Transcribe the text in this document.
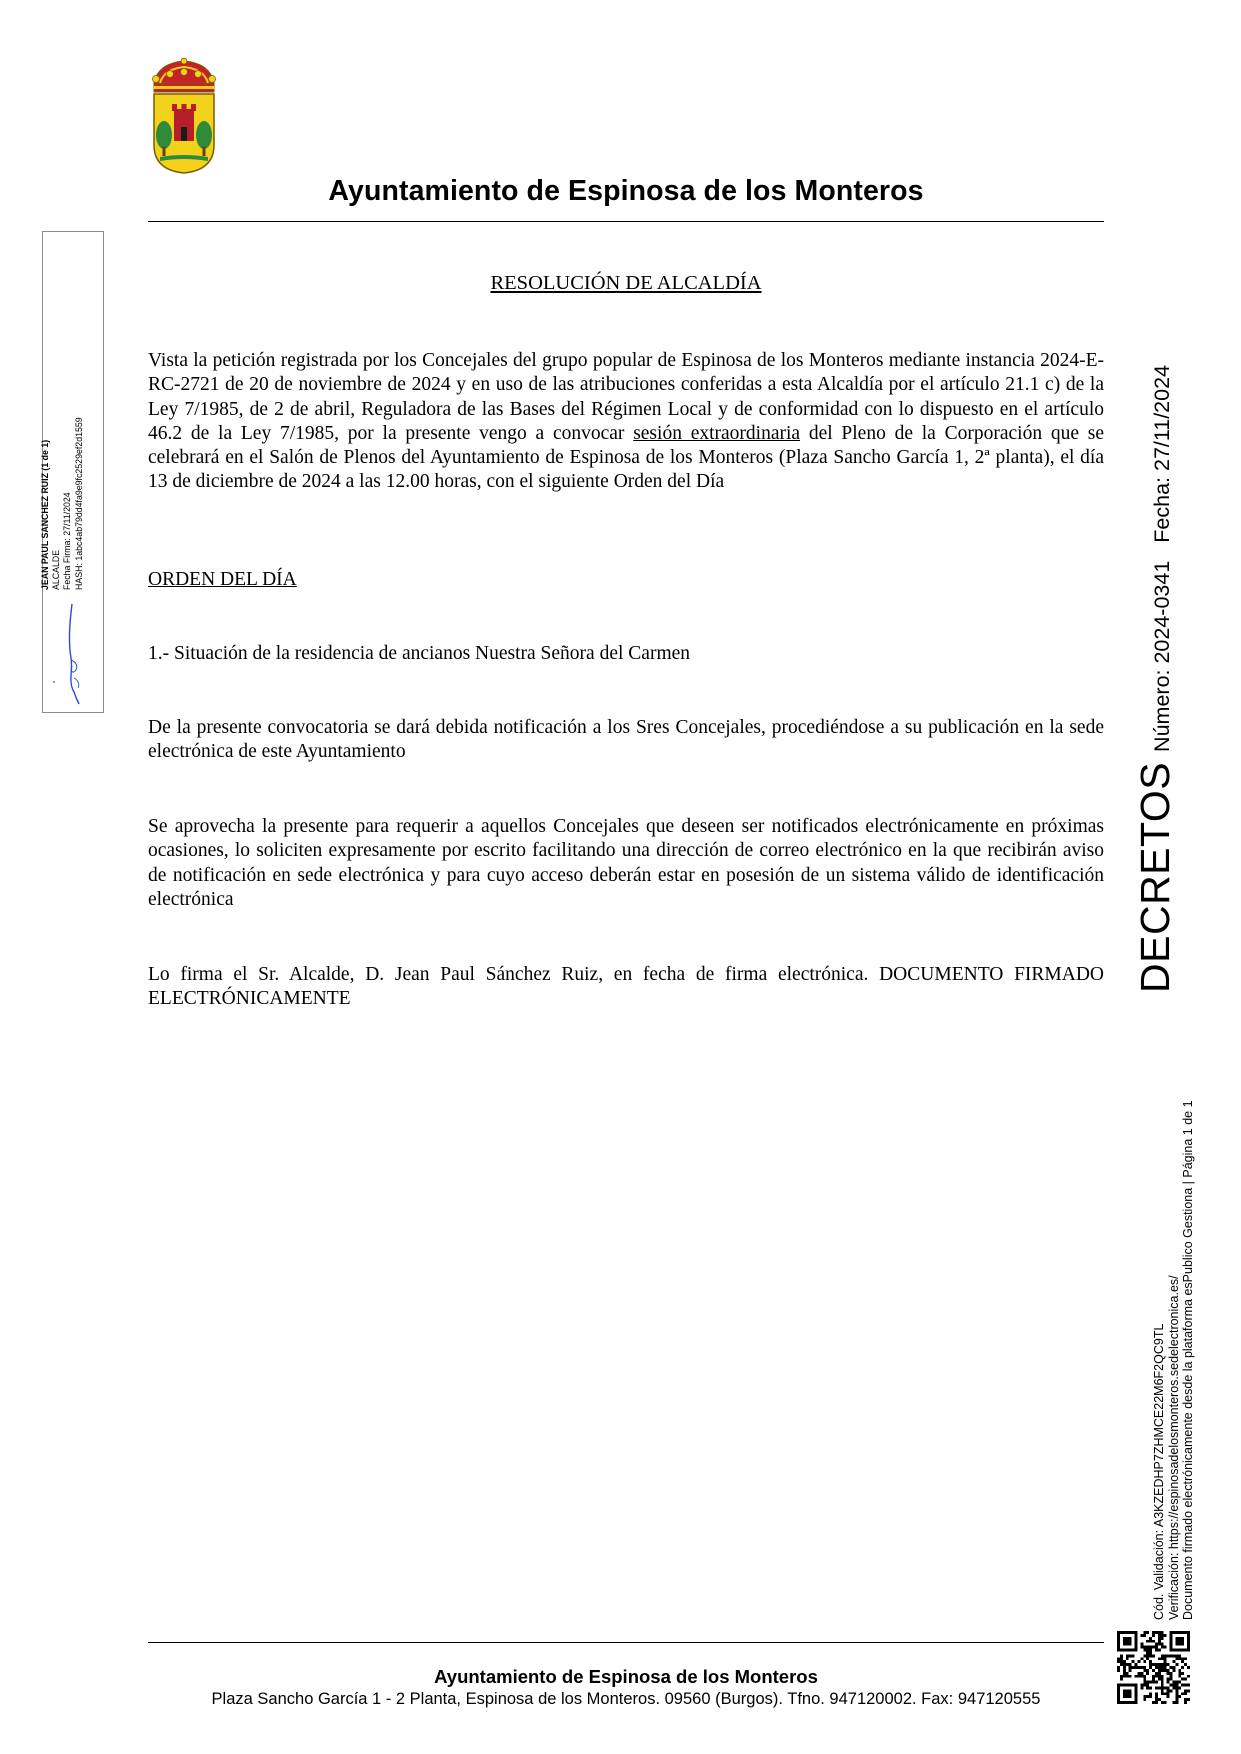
Ayuntamiento de Espinosa de los Monteros
RESOLUCIÓN DE ALCALDÍA
Vista la petición registrada por los Concejales del grupo popular de Espinosa de los Monteros mediante instancia 2024-E-RC-2721 de 20 de noviembre de 2024 y en uso de las atribuciones conferidas a esta Alcaldía por el artículo 21.1 c) de la Ley 7/1985, de 2 de abril, Reguladora de las Bases del Régimen Local y de conformidad con lo dispuesto en el artículo 46.2 de la Ley 7/1985, por la presente vengo a convocar sesión extraordinaria del Pleno de la Corporación que se celebrará en el Salón de Plenos del Ayuntamiento de Espinosa de los Monteros (Plaza Sancho García 1, 2ª planta), el día 13 de diciembre de 2024 a las 12.00 horas, con el siguiente Orden del Día
ORDEN DEL DÍA
1.- Situación de la residencia de ancianos Nuestra Señora del Carmen
De la presente convocatoria se dará debida notificación a los Sres Concejales, procediéndose a su publicación en la sede electrónica de este Ayuntamiento
Se aprovecha la presente para requerir a aquellos Concejales que deseen ser notificados electrónicamente en próximas ocasiones, lo soliciten expresamente por escrito facilitando una dirección de correo electrónico en la que recibirán aviso de notificación en sede electrónica y para cuyo acceso deberán estar en posesión de un sistema válido de identificación electrónica
Lo firma el Sr. Alcalde, D. Jean Paul Sánchez Ruiz, en fecha de firma electrónica. DOCUMENTO FIRMADO ELECTRÓNICAMENTE
JEAN PAUL SANCHEZ RUIZ (1 de 1) ALCALDE Fecha Firma: 27/11/2024 HASH: 1abc4ab79dd4fa9e9fc2529ef2d1559
DECRETOS
Número: 2024-0341Fecha: 27/11/2024
Cód. Validación: A3KZEDHP7ZHMCE22M6F2QC9TL Verificación: https://espinosadelosmonteros.sedelectronica.es/ Documento firmado electrónicamente desde la plataforma esPublico Gestiona | Página 1 de 1
Ayuntamiento de Espinosa de los Monteros
Plaza Sancho García 1 - 2 Planta, Espinosa de los Monteros. 09560 (Burgos). Tfno. 947120002. Fax: 947120555
